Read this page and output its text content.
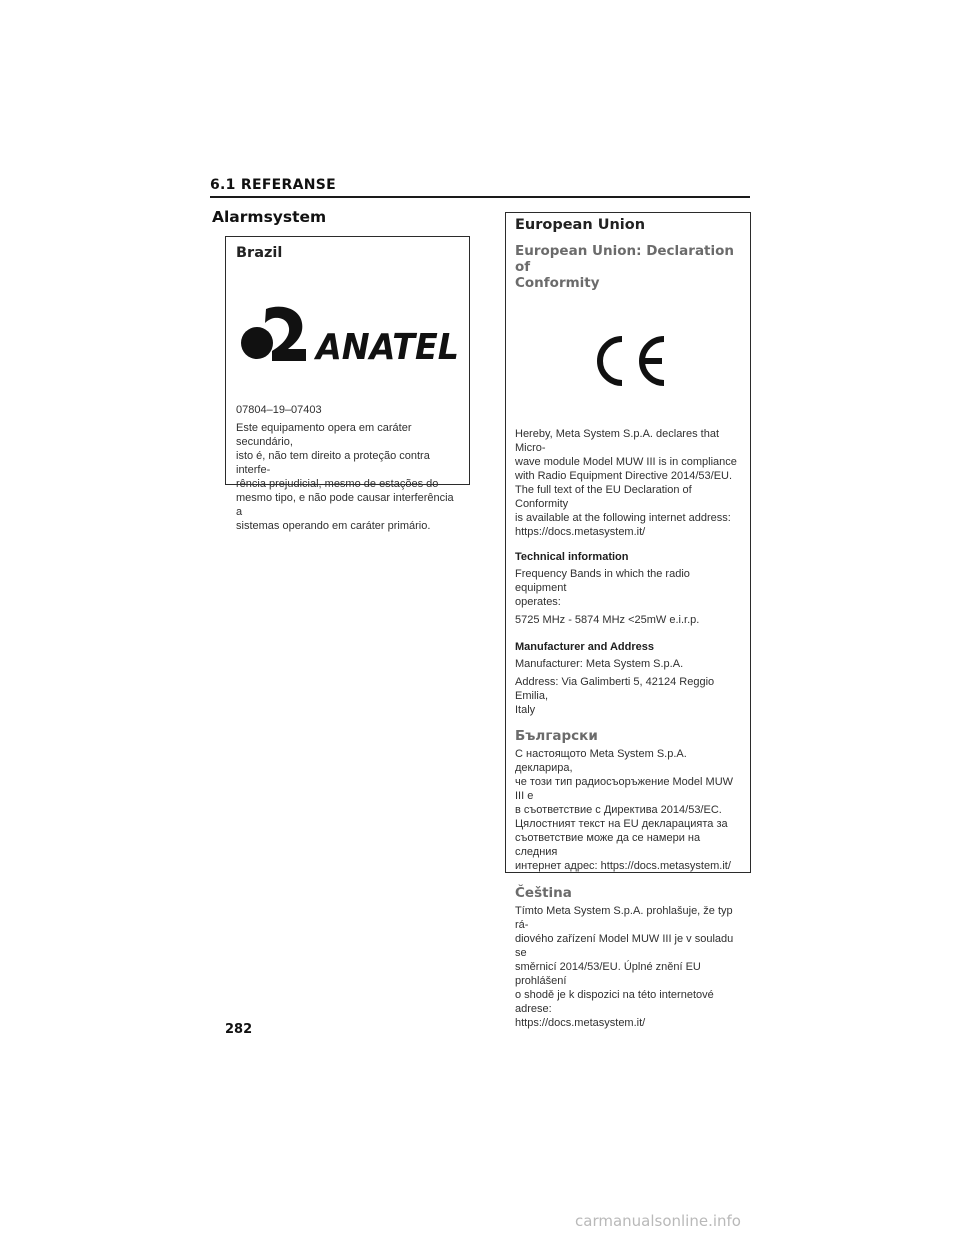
6.1 REFERANSE
Alarmsystem

Brazil

ANATEL

07804–19–07403

Este equipamento opera em caráter secundário,

isto é, não tem direito a proteção contra interfe-

rência prejudicial, mesmo de estações do

mesmo tipo, e não pode causar interferência a

sistemas operando em caráter primário.

European Union

European Union: Declaration of

Conformity

Hereby, Meta System S.p.A. declares that Micro-

wave module Model MUW III is in compliance

with Radio Equipment Directive 2014/53/EU.

The full text of the EU Declaration of Conformity

is available at the following internet address:

https://docs.metasystem.it/

Technical information

Frequency Bands in which the radio equipment

operates:

5725 MHz - 5874 MHz <25mW e.i.r.p.

Manufacturer and Address

Manufacturer: Meta System S.p.A.

Address: Via Galimberti 5, 42124 Reggio Emilia,

Italy

Български

С настоящото Meta System S.p.A. декларира,

че този тип радиосъоръжение Model MUW III е

в съответствие с Директива 2014/53/ЕС.

Цялостният текст на EU декларацията за

съответствие може да се намери на следния

интернет адрес: https://docs.metasystem.it/

Čeština

Tímto Meta System S.p.A. prohlašuje, že typ rá-

diového zařízení Model MUW III je v souladu se

směrnicí 2014/53/EU. Úplné znění EU prohlášení

o shodě je k dispozici na této internetové adrese:

https://docs.metasystem.it/

282
carmanualsonline.info
